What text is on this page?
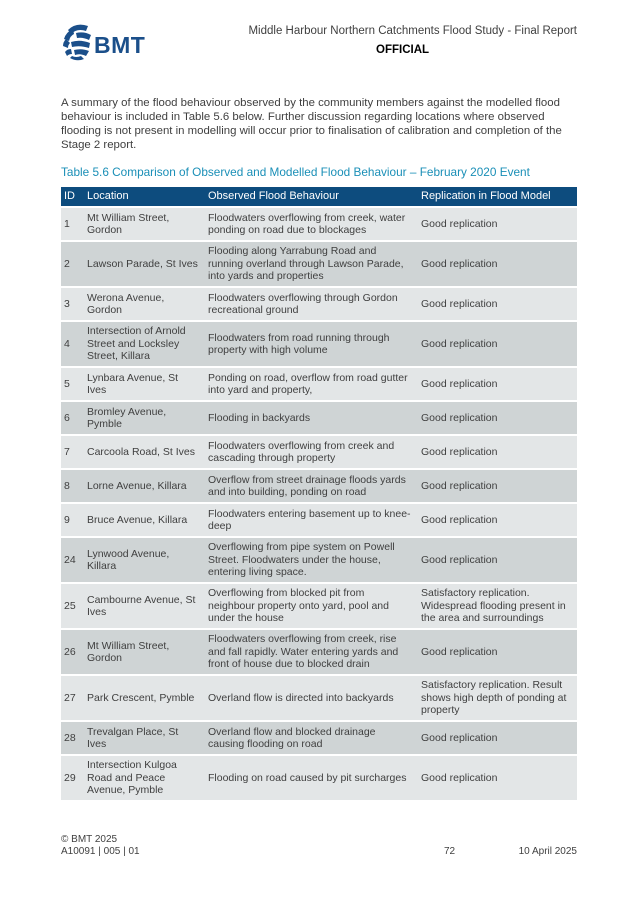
BMT
Middle Harbour Northern Catchments Flood Study - Final Report
OFFICIAL

A summary of the flood behaviour observed by the community members against the modelled flood behaviour is included in Table 5.6 below. Further discussion regarding locations where observed flooding is not present in modelling will occur prior to finalisation of calibration and completion of the Stage 2 report.

Table 5.6 Comparison of Observed and Modelled Flood Behaviour – February 2020 Event
ID	Location	Observed Flood Behaviour	Replication in Flood Model
1	Mt William Street, Gordon	Floodwaters overflowing from creek, water ponding on road due to blockages	Good replication
2	Lawson Parade, St Ives	Flooding along Yarrabung Road and running overland through Lawson Parade, into yards and properties	Good replication
3	Werona Avenue, Gordon	Floodwaters overflowing through Gordon recreational ground	Good replication
4	Intersection of Arnold Street and Locksley Street, Killara	Floodwaters from road running through property with high volume	Good replication
5	Lynbara Avenue, St Ives	Ponding on road, overflow from road gutter into yard and property,	Good replication
6	Bromley Avenue, Pymble	Flooding in backyards	Good replication
7	Carcoola Road, St Ives	Floodwaters overflowing from creek and cascading through property	Good replication
8	Lorne Avenue, Killara	Overflow from street drainage floods yards and into building, ponding on road	Good replication
9	Bruce Avenue, Killara	Floodwaters entering basement up to knee-deep	Good replication
24	Lynwood Avenue, Killara	Overflowing from pipe system on Powell Street. Floodwaters under the house, entering living space.	Good replication
25	Cambourne Avenue, St Ives	Overflowing from blocked pit from neighbour property onto yard, pool and under the house	Satisfactory replication. Widespread flooding present in the area and surroundings
26	Mt William Street, Gordon	Floodwaters overflowing from creek, rise and fall rapidly. Water entering yards and front of house due to blocked drain	Good replication
27	Park Crescent, Pymble	Overland flow is directed into backyards	Satisfactory replication. Result shows high depth of ponding at property
28	Trevalgan Place, St Ives	Overland flow and blocked drainage causing flooding on road	Good replication
29	Intersection Kulgoa Road and Peace Avenue, Pymble	Flooding on road caused by pit surcharges	Good replication
© BMT 2025
A10091 | 005 | 01	72	10 April 2025
